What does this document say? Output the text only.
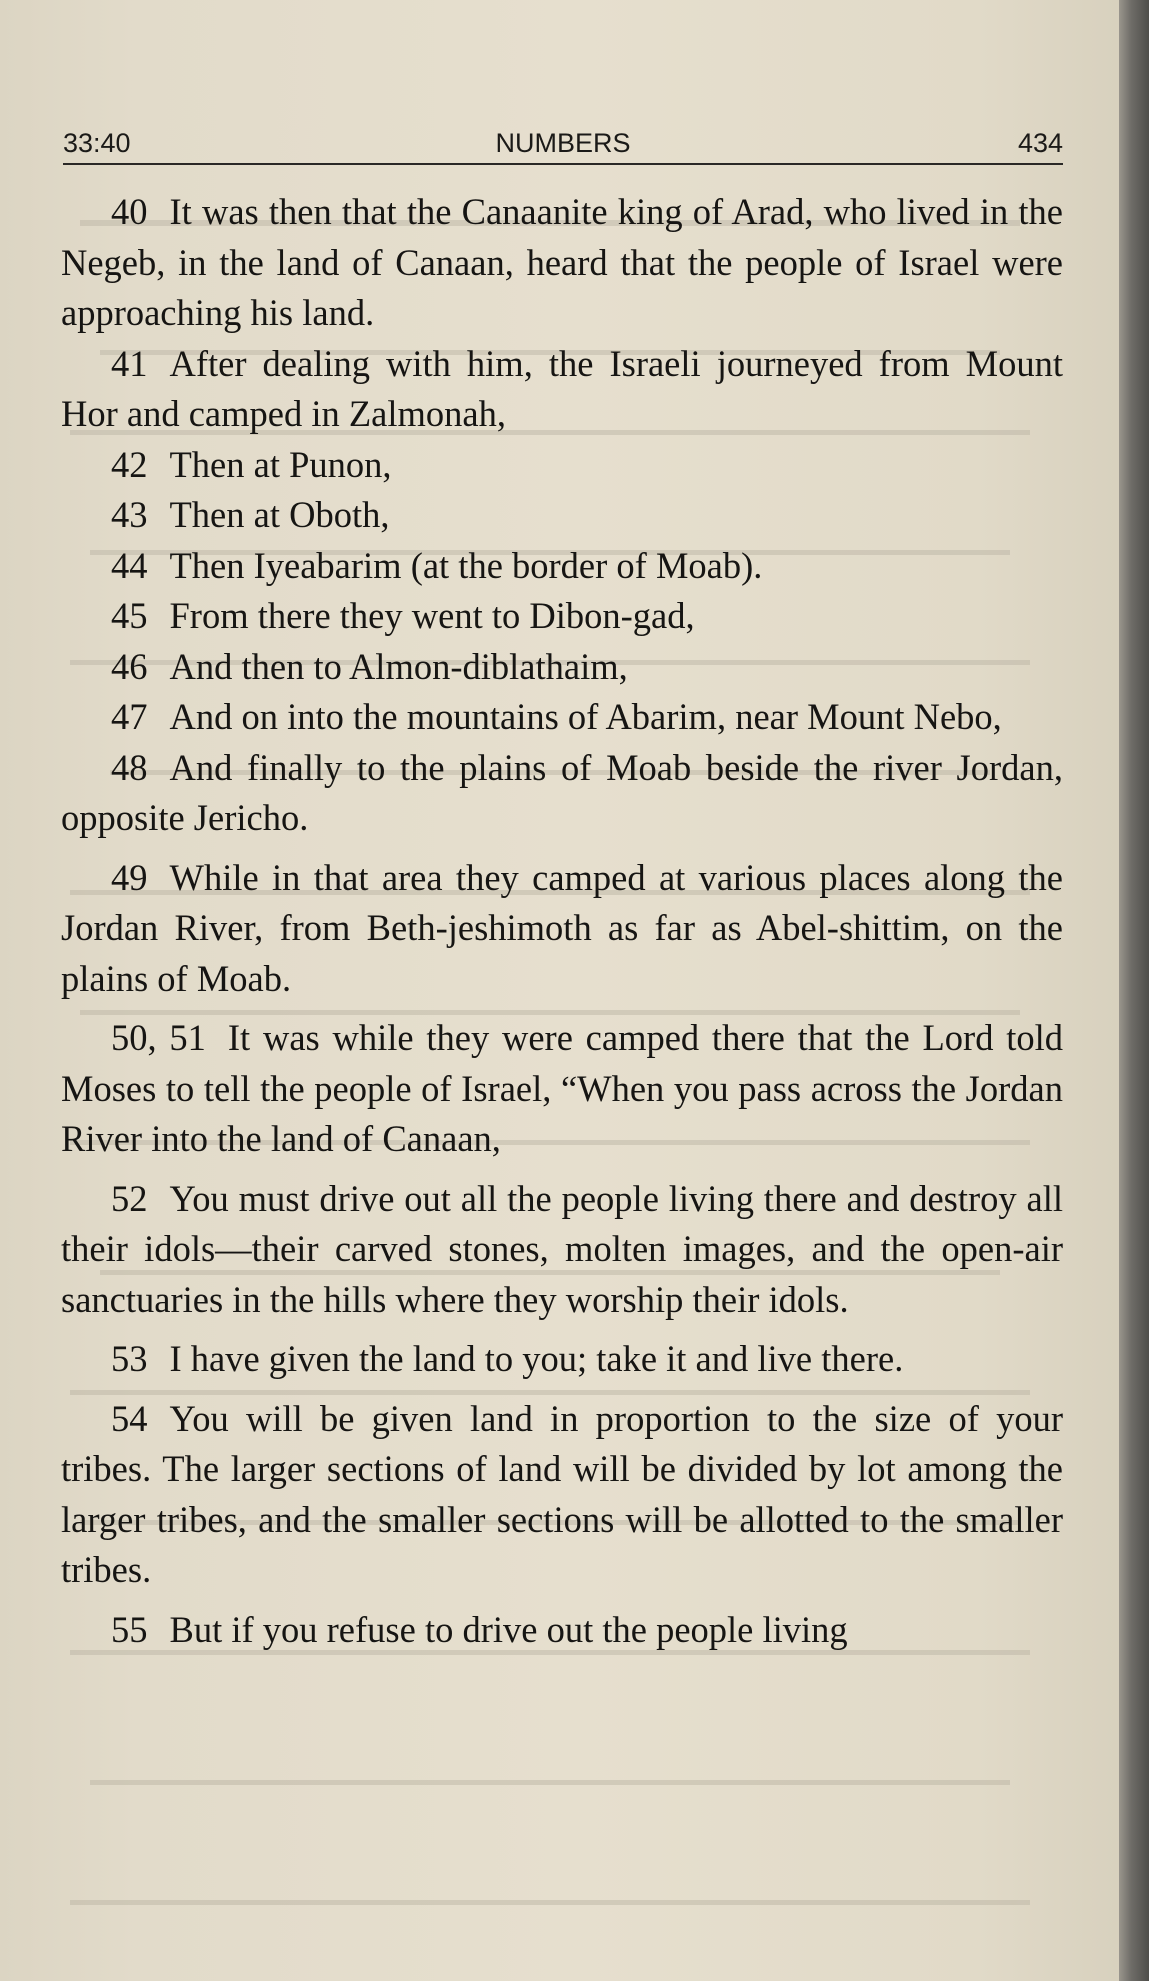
33:40	NUMBERS	434

40 It was then that the Canaanite king of Arad, who lived in the Negeb, in the land of Canaan, heard that the people of Israel were approaching his land.

41 After dealing with him, the Israeli journeyed from Mount Hor and camped in Zalmonah,

42 Then at Punon,

43 Then at Oboth,

44 Then Iyeabarim (at the border of Moab).

45 From there they went to Dibon-gad,

46 And then to Almon-diblathaim,

47 And on into the mountains of Abarim, near Mount Nebo,

48 And finally to the plains of Moab beside the river Jordan, opposite Jericho.

49 While in that area they camped at various places along the Jordan River, from Beth-jeshimoth as far as Abel-shittim, on the plains of Moab.

50, 51 It was while they were camped there that the Lord told Moses to tell the people of Israel, “When you pass across the Jordan River into the land of Canaan,

52 You must drive out all the people living there and destroy all their idols—their carved stones, molten images, and the open-air sanctuaries in the hills where they worship their idols.

53 I have given the land to you; take it and live there.

54 You will be given land in proportion to the size of your tribes. The larger sections of land will be divided by lot among the larger tribes, and the smaller sections will be allotted to the smaller tribes.

55 But if you refuse to drive out the people living
